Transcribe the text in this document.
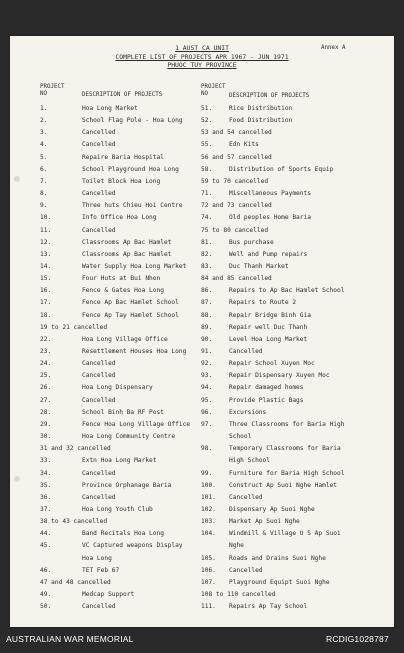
1 AUST CA UNIT	Annex A
COMPLETE LIST OF PROJECTS APR 1967 - JUN 1971
PHUOC TUY PROVINCE
PROJECT
NO	DESCRIPTION OF PROJECTS
PROJECT
NO	DESCRIPTION OF PROJECTS
1.	Hoa Long Market
2.	School Flag Pole - Hoa Long
3.	Cancelled
4.	Cancelled
5.	Repaire Baria Hospital
6.	School Playground Hoa Long
7.	Toilet Block Hoa Long
8.	Cancelled
9.	Three huts Chieu Hoi Centre
10.	Info Office Hoa Long
11.	Cancelled
12.	Classrooms Ap Bac Hamlet
13.	Classrooms Ap Bac Hamlet
14.	Water Supply Hoa Long Market
15.	Four Huts at Bui Nhon
16.	Fence & Gates Hoa Long
17.	Fence Ap Bac Hamlet School
18.	Fence Ap Tay Hamlet School
19 to 21 cancelled
22.	Hoa Long Village Office
23.	Resettlement Houses Hoa Long
24.	Cancelled
25.	Cancelled
26.	Hoa Long Dispensary
27.	Cancelled
28.	School Binh Ba RF Post
29.	Fence Hoa Long Village Office
30.	Hoa Long Community Centre
31 and 32 cancelled
33.	Extn Hoa Long Market
34.	Cancelled
35.	Province Orphanage Baria
36.	Cancelled
37.	Hoa Long Youth Club
38 to 43 cancelled
44.	Band Recitals Hoa Long
45.	VC Captured weapons Display
Hoa Long
46.	TET Feb 67
47 and 48 cancelled
49.	Medcap Support
50.	Cancelled
51.	Rice Distribution
52.	Food Distribution
53 and 54 cancelled
55.	Edn Kits
56 and 57 cancelled
58.	Distribution of Sports Equip
59 to 70 cancelled
71.	Miscellaneous Payments
72 and 73 cancelled
74.	Old peoples Home Baria
75 to 80 cancelled
81.	Bus purchase
82.	Well and Pump repairs
83.	Duc Thanh Market
84 and 85 cancelled
86.	Repairs to Ap Bac Hamlet School
87.	Repairs to Route 2
88.	Repair Bridge Binh Gia
89.	Repair well Duc Thanh
90.	Level Hoa Long Market
91.	Cancelled
92.	Repair School Xuyen Moc
93.	Repair Dispensary Xuyen Moc
94.	Repair damaged homes
95.	Provide Plastic Bags
96.	Excursions
97.	Three Classrooms for Baria High
School
98.	Temporary Classrooms for Baria
High School
99.	Furniture for Baria High School
100. Construct Ap Suoi Nghe Hamlet
101. Cancelled
102. Dispensary Ap Suoi Nghe
103. Market Ap Suoi Nghe
104. Windmill & Village U S Ap Suoi
Nghe
105. Roads and Drains Suoi Nghe
106. Cancelled
107. Playground Equipt Suoi Nghe
108 to 110 cancelled
111. Repairs Ap Tay School
AUSTRALIAN WAR MEMORIAL	RCDIG1028787
